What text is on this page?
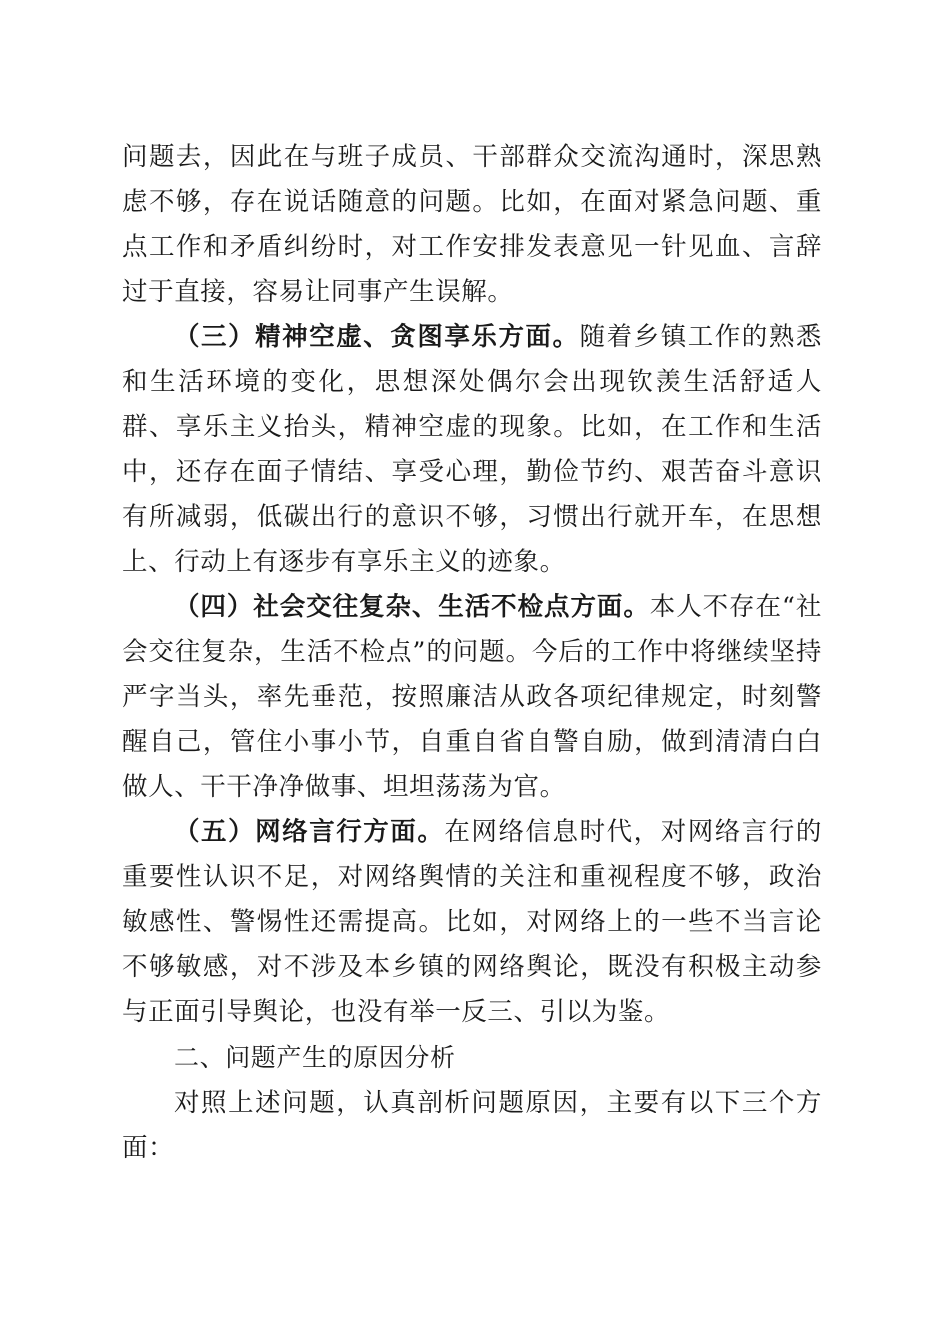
问题去，因此在与班子成员、干部群众交流沟通时，深思熟虑不够，存在说话随意的问题。比如，在面对紧急问题、重点工作和矛盾纠纷时，对工作安排发表意见一针见血、言辞过于直接，容易让同事产生误解。

（三）精神空虚、贪图享乐方面。随着乡镇工作的熟悉和生活环境的变化，思想深处偶尔会出现钦羡生活舒适人群、享乐主义抬头，精神空虚的现象。比如，在工作和生活中，还存在面子情结、享受心理，勤俭节约、艰苦奋斗意识有所减弱，低碳出行的意识不够，习惯出行就开车，在思想上、行动上有逐步有享乐主义的迹象。

（四）社会交往复杂、生活不检点方面。本人不存在“社会交往复杂，生活不检点”的问题。今后的工作中将继续坚持严字当头，率先垂范，按照廉洁从政各项纪律规定，时刻警醒自己，管住小事小节，自重自省自警自励，做到清清白白做人、干干净净做事、坦坦荡荡为官。

（五）网络言行方面。在网络信息时代，对网络言行的重要性认识不足，对网络舆情的关注和重视程度不够，政治敏感性、警惕性还需提高。比如，对网络上的一些不当言论不够敏感，对不涉及本乡镇的网络舆论，既没有积极主动参与正面引导舆论，也没有举一反三、引以为鉴。

二、问题产生的原因分析

对照上述问题，认真剖析问题原因，主要有以下三个方面：
